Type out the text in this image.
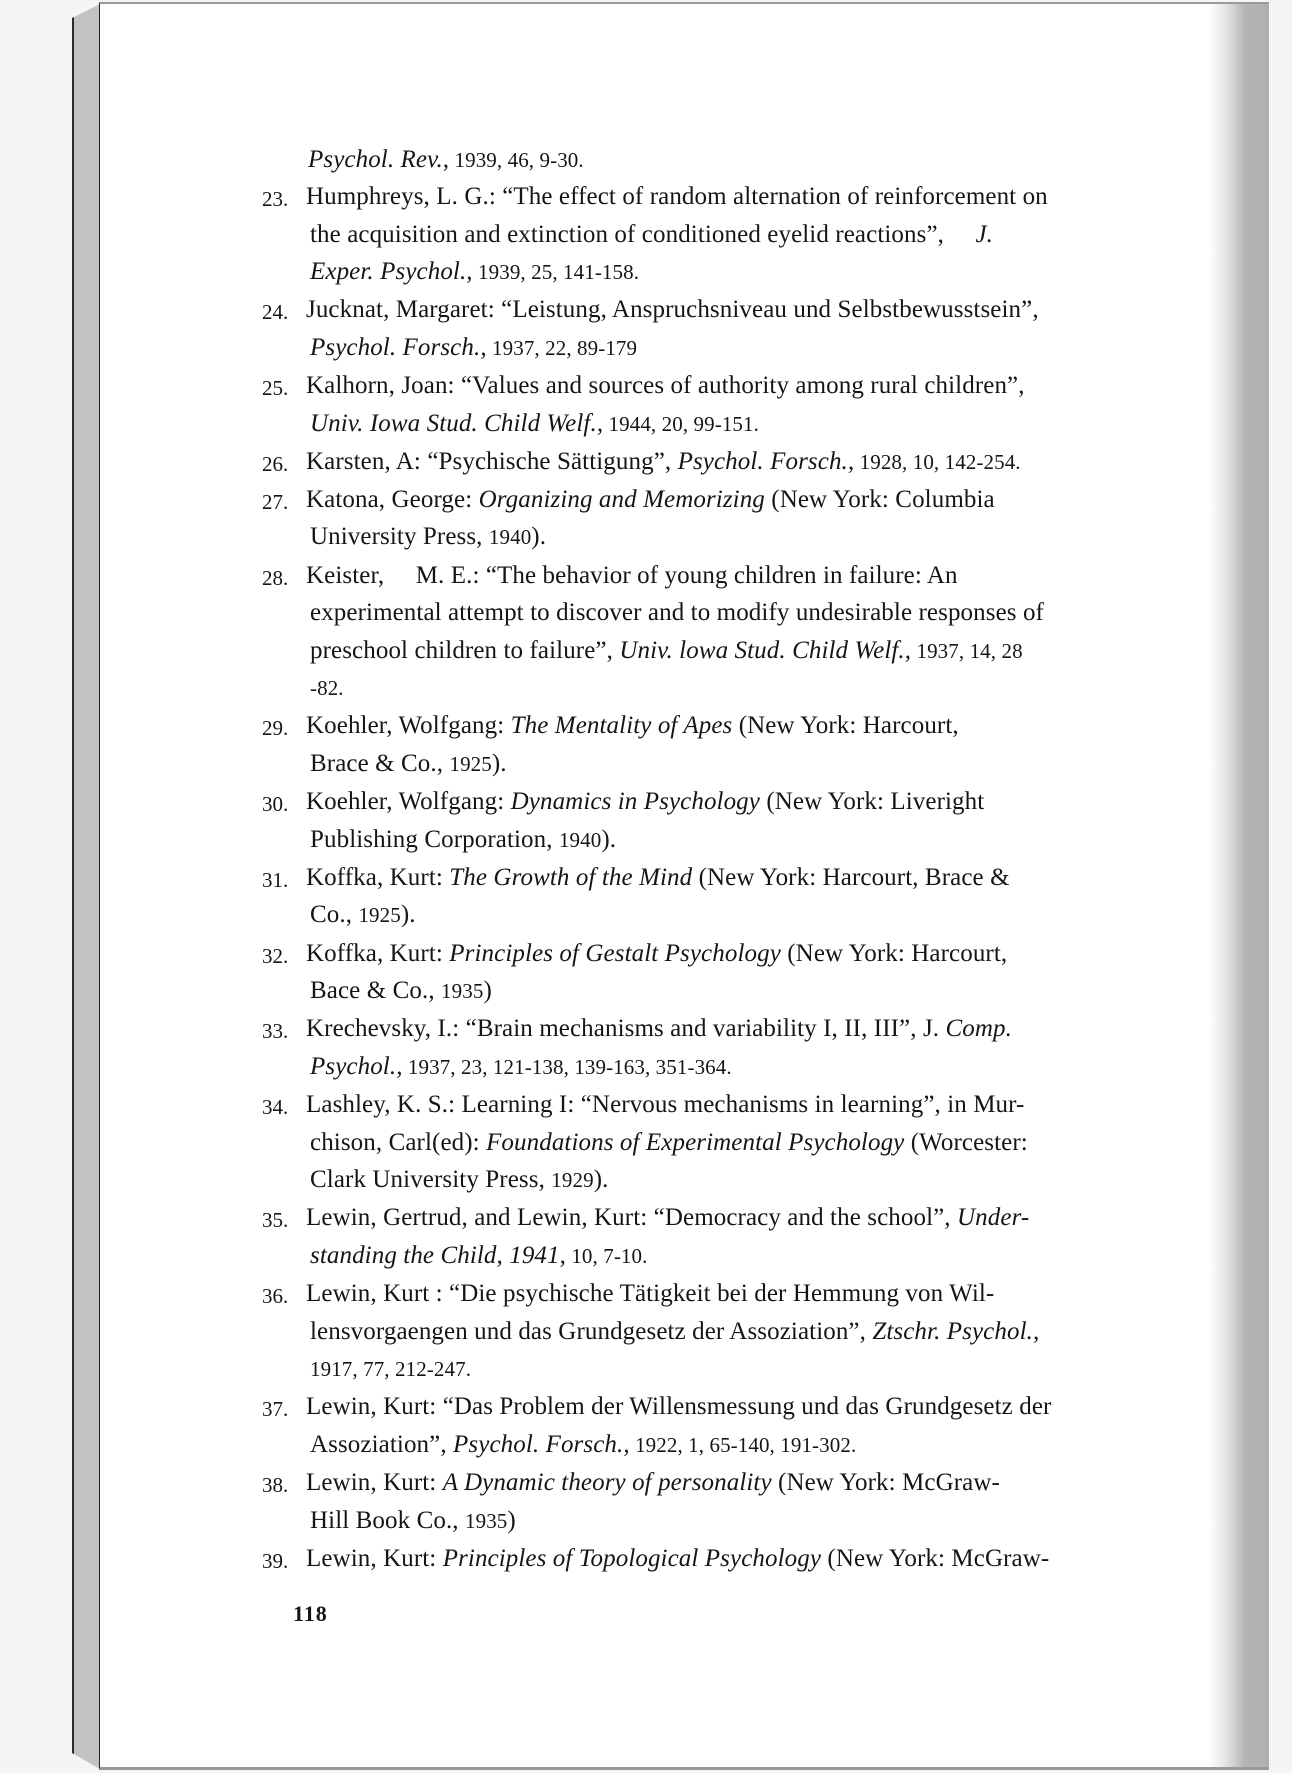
Psychol. Rev., 1939, 46, 9-30.
23. Humphreys, L. G.: “The effect of random alternation of reinforcement on
the acquisition and extinction of conditioned eyelid reactions”,  J.
Exper. Psychol., 1939, 25, 141-158.
24. Jucknat, Margaret: “Leistung, Anspruchsniveau und Selbstbewusstsein”,
Psychol. Forsch., 1937, 22, 89-179
25. Kalhorn, Joan: “Values and sources of authority among rural children”,
Univ. Iowa Stud. Child Welf., 1944, 20, 99-151.
26. Karsten, A: “Psychische Sättigung”, Psychol. Forsch., 1928, 10, 142-254.
27. Katona, George: Organizing and Memorizing (New York: Columbia
University Press, 1940).
28. Keister,  M. E.: “The behavior of young children in failure: An
experimental attempt to discover and to modify undesirable responses of
preschool children to failure”, Univ. lowa Stud. Child Welf., 1937, 14, 28
-82.
29. Koehler, Wolfgang: The Mentality of Apes (New York: Harcourt,
Brace & Co., 1925).
30. Koehler, Wolfgang: Dynamics in Psychology (New York: Liveright
Publishing Corporation, 1940).
31. Koffka, Kurt: The Growth of the Mind (New York: Harcourt, Brace &
Co., 1925).
32. Koffka, Kurt: Principles of Gestalt Psychology (New York: Harcourt,
Bace & Co., 1935)
33. Krechevsky, I.: “Brain mechanisms and variability I, II, III”, J. Comp.
Psychol., 1937, 23, 121-138, 139-163, 351-364.
34. Lashley, K. S.: Learning I: “Nervous mechanisms in learning”, in Mur-
chison, Carl(ed): Foundations of Experimental Psychology (Worcester:
Clark University Press, 1929).
35. Lewin, Gertrud, and Lewin, Kurt: “Democracy and the school”, Under-
standing the Child, 1941, 10, 7-10.
36. Lewin, Kurt : “Die psychische Tätigkeit bei der Hemmung von Wil-
lensvorgaengen und das Grundgesetz der Assoziation”, Ztschr. Psychol.,
1917, 77, 212-247.
37. Lewin, Kurt: “Das Problem der Willensmessung und das Grundgesetz der
Assoziation”, Psychol. Forsch., 1922, 1, 65-140, 191-302.
38. Lewin, Kurt: A Dynamic theory of personality (New York: McGraw-
Hill Book Co., 1935)
39. Lewin, Kurt: Principles of Topological Psychology (New York: McGraw-
118
